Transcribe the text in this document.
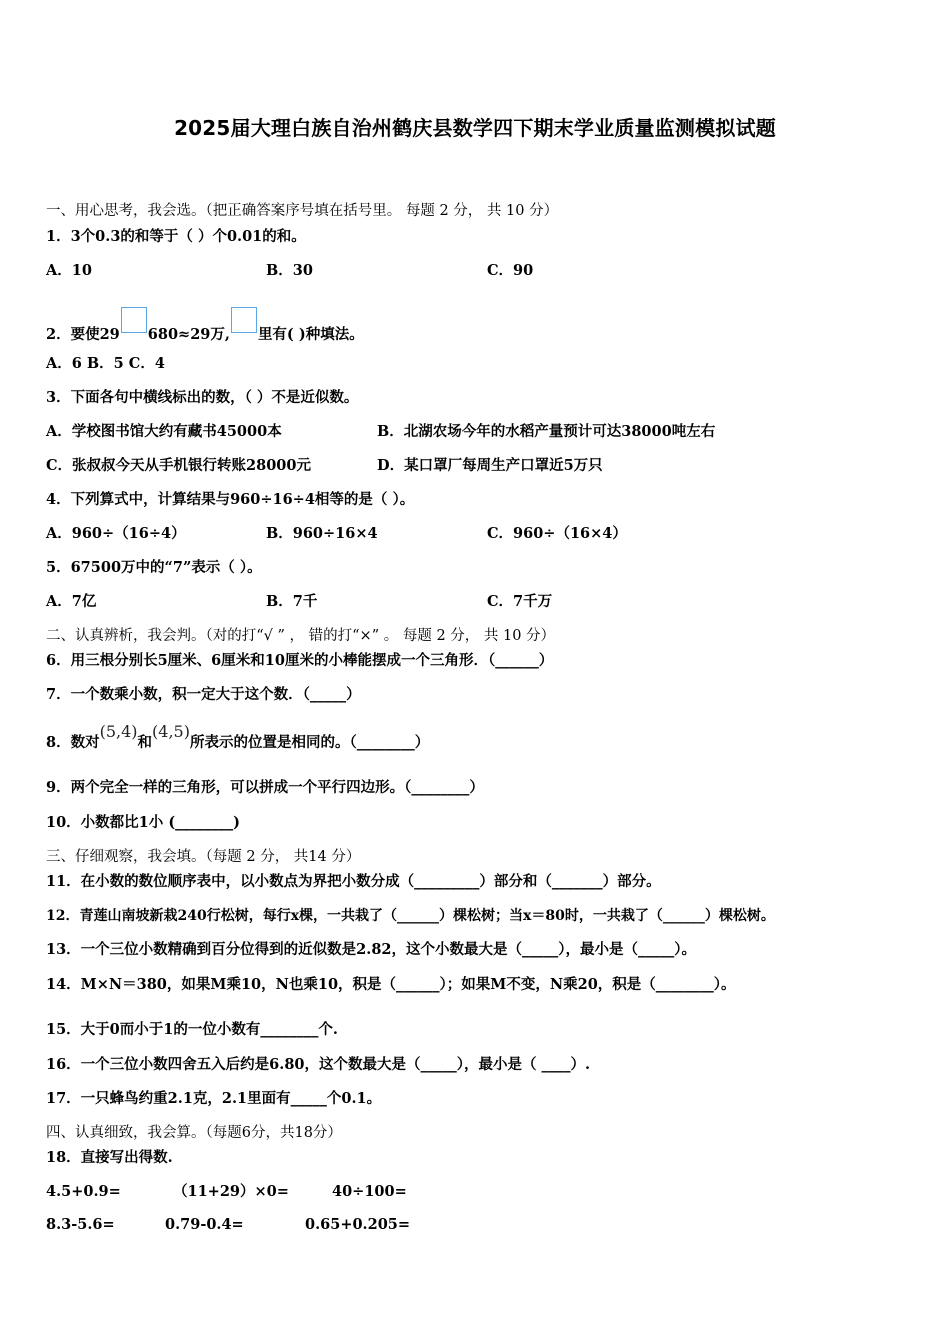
2025届大理白族自治州鹤庆县数学四下期末学业质量监测模拟试题
一、用心思考，我会选。（把正确答案序号填在括号里。 每题 2 分， 共 10 分）
1．3个0.3的和等于（ ）个0.01的和。
A．10	B．30	C．90
2．要使29 680≈29万, 里有( )种填法。
A．6 B．5 C．4
3．下面各句中横线标出的数，（ ）不是近似数。
A．学校图书馆大约有藏书45000本	B．北湖农场今年的水稻产量预计可达38000吨左右
C．张叔叔今天从手机银行转账28000元	D．某口罩厂每周生产口罩近5万只
4．下列算式中，计算结果与960÷16÷4相等的是（ ）。
A．960÷（16÷4）	B．960÷16×4	C．960÷（16×4）
5．67500万中的“7”表示（ ）。
A．7亿	B．7千	C．7千万
二、认真辨析，我会判。（对的打“√ ” ， 错的打“×” 。 每题 2 分， 共 10 分）
6．用三根分别长5厘米、6厘米和10厘米的小棒能摆成一个三角形．（______）
7．一个数乘小数，积一定大于这个数．（_____）
8．数对(5,4)和(4,5)所表示的位置是相同的。（________）
9．两个完全一样的三角形，可以拼成一个平行四边形。（________）
10．小数都比1小 (________)
三、仔细观察，我会填。（每题 2 分， 共14 分）
11．在小数的数位顺序表中，以小数点为界把小数分成（_________）部分和（_______）部分。
12．青莲山南坡新栽240行松树，每行x棵，一共栽了（______）棵松树；当x＝80时，一共栽了（______）棵松树。
13．一个三位小数精确到百分位得到的近似数是2.82，这个小数最大是（_____），最小是（_____）。
14．M×N＝380，如果M乘10，N也乘10，积是（______）；如果M不变，N乘20，积是（________）。
15．大于0而小于1的一位小数有________个.
16．一个三位小数四舍五入后约是6.80，这个数最大是（_____），最小是（ ____）.
17．一只蜂鸟约重2.1克，2.1里面有_____个0.1。
四、认真细致，我会算。（每题6分，共18分）
18．直接写出得数.
4.5+0.9=	（11+29）×0=	40÷100=
8.3-5.6=	0.79-0.4=	0.65+0.205=
